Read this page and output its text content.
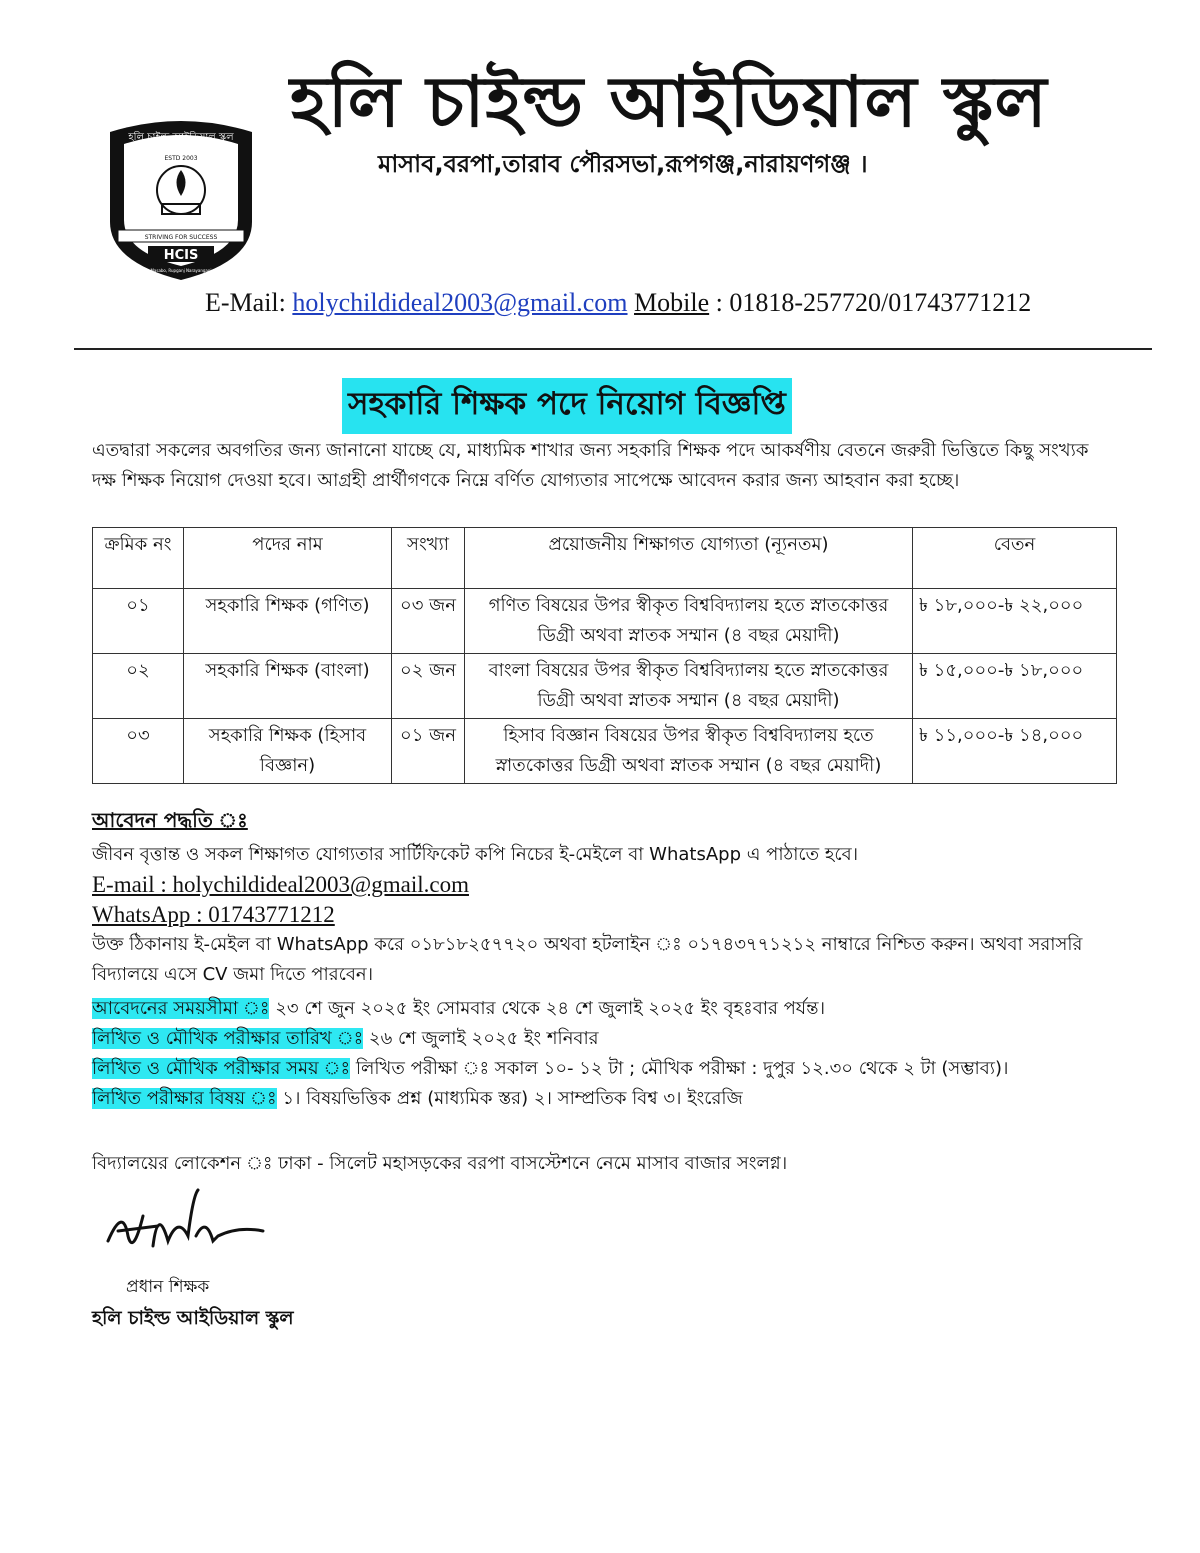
হলি চাইল্ড আইডিয়াল স্কুল
মাসাব,বরপা,তারাব পৌরসভা,রূপগঞ্জ,নারায়ণগঞ্জ ।
হলি চাইল্ড আইডিয়াল স্কুল
ESTD 2003
STRIVING FOR SUCCESS
HCIS
Masabo, Rupganj Narayanganj
E-Mail: holychildideal2003@gmail.com Mobile : 01818-257720/01743771212
সহকারি শিক্ষক পদে নিয়োগ বিজ্ঞপ্তি
এতদ্বারা সকলের অবগতির জন্য জানানো যাচ্ছে যে, মাধ্যমিক শাখার জন্য সহকারি শিক্ষক পদে আকর্ষণীয় বেতনে জরুরী ভিত্তিতে কিছু সংখ্যক দক্ষ শিক্ষক নিয়োগ দেওয়া হবে। আগ্রহী প্রার্থীগণকে নিম্নে বর্ণিত যোগ্যতার সাপেক্ষে আবেদন করার জন্য আহবান করা হচ্ছে।
ক্রমিক নং	পদের নাম	সংখ্যা	প্রয়োজনীয় শিক্ষাগত যোগ্যতা (ন্যূনতম)	বেতন
০১	সহকারি শিক্ষক (গণিত)	০৩ জন	গণিত বিষয়ের উপর স্বীকৃত বিশ্ববিদ্যালয় হতে স্নাতকোত্তর ডিগ্রী অথবা স্নাতক সম্মান (৪ বছর মেয়াদী)	৳ ১৮,০০০-৳ ২২,০০০
০২	সহকারি শিক্ষক (বাংলা)	০২ জন	বাংলা বিষয়ের উপর স্বীকৃত বিশ্ববিদ্যালয় হতে স্নাতকোত্তর ডিগ্রী অথবা স্নাতক সম্মান (৪ বছর মেয়াদী)	৳ ১৫,০০০-৳ ১৮,০০০
০৩	সহকারি শিক্ষক (হিসাব বিজ্ঞান)	০১ জন	হিসাব বিজ্ঞান বিষয়ের উপর স্বীকৃত বিশ্ববিদ্যালয় হতে স্নাতকোত্তর ডিগ্রী অথবা স্নাতক সম্মান (৪ বছর মেয়াদী)	৳ ১১,০০০-৳ ১৪,০০০
আবেদন পদ্ধতি ঃ
জীবন বৃত্তান্ত ও সকল শিক্ষাগত যোগ্যতার সার্টিফিকেট কপি নিচের ই-মেইলে বা WhatsApp এ পাঠাতে হবে।
E-mail : holychildideal2003@gmail.com
WhatsApp : 01743771212
উক্ত ঠিকানায় ই-মেইল বা WhatsApp করে ০১৮১৮২৫৭৭২০ অথবা হটলাইন ঃ ০১৭৪৩৭৭১২১২ নাম্বারে নিশ্চিত করুন। অথবা সরাসরি বিদ্যালয়ে এসে CV জমা দিতে পারবেন।
আবেদনের সময়সীমা ঃ ২৩ শে জুন ২০২৫ ইং সোমবার থেকে ২৪ শে জুলাই ২০২৫ ইং বৃহঃবার পর্যন্ত।
লিখিত ও মৌখিক পরীক্ষার তারিখ ঃ ২৬ শে জুলাই ২০২৫ ইং শনিবার
লিখিত ও মৌখিক পরীক্ষার সময় ঃ লিখিত পরীক্ষা ঃ সকাল ১০- ১২ টা ; মৌখিক পরীক্ষা : দুপুর ১২.৩০ থেকে ২ টা (সম্ভাব্য)।
লিখিত পরীক্ষার বিষয় ঃ ১। বিষয়ভিত্তিক প্রশ্ন (মাধ্যমিক স্তর) ২। সাম্প্রতিক বিশ্ব ৩। ইংরেজি
বিদ্যালয়ের লোকেশন ঃ ঢাকা - সিলেট মহাসড়কের বরপা বাসস্টেশনে নেমে মাসাব বাজার সংলগ্ন।
প্রধান শিক্ষক
হলি চাইল্ড আইডিয়াল স্কুল
